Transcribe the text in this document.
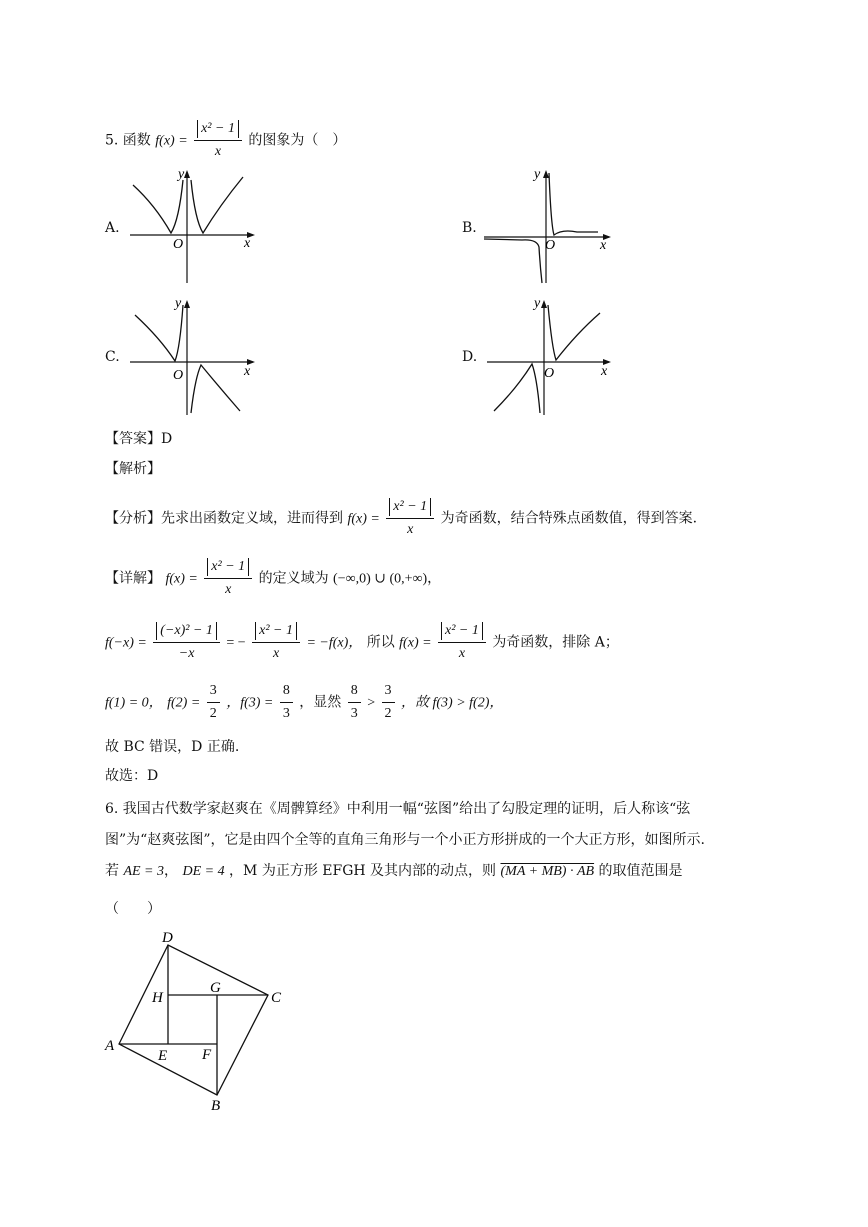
5. 函数 $f(x) = \frac{\text{x² − 1}}{x}$ 的图象为（　）
A.
x
y
O
B.
x
y
O
C.
x
y
O
D.
x
y
O
【答案】D
【解析】
【分析】先求出函数定义域，进而得到 $f(x) = \frac{\text{x² − 1}}{x}$ 为奇函数，结合特殊点函数值，得到答案.
【详解】 $f(x) = \frac{\text{x² − 1}}{x}$ 的定义域为 (−∞,0) ∪ (0,+∞)，
$f(-x) = \frac{\text{(−x)² − 1}}{-x}$ = − $\frac{\text{x² − 1}}{x} = -f(x)$， 所以 $f(x) = \frac{\text{x² − 1}}{x}$ 为奇函数，排除 A；
f(1) = 0， $f(2) = \frac{3}{2}$ ，$f(3) = \frac{8}{3}$ ，显然 $\frac{8}{3} > \frac{3}{2}$ ，故 f(3) > f(2)，
故 BC 错误，D 正确.
故选：D
6. 我国古代数学家赵爽在《周髀算经》中利用一幅“弦图”给出了勾股定理的证明，后人称该“弦
图”为“赵爽弦图”，它是由四个全等的直角三角形与一个小正方形拼成的一个大正方形，如图所示.
若 AE = 3， DE = 4 ，M 为正方形 EFGH 及其内部的动点，则 (MA + MB) · AB 的取值范围是
（　　）
D
A
C
B
H
G
E F
